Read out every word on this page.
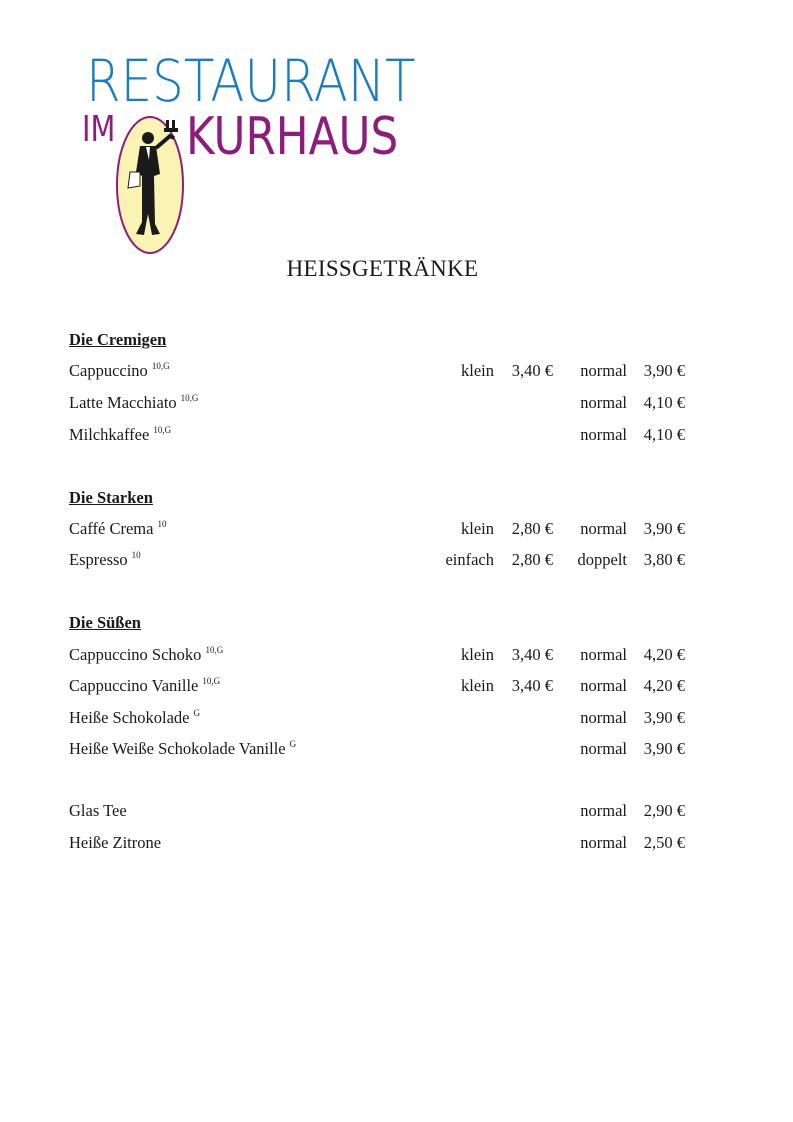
RESTAURANT
IM KURHAUS
HEISSGETRÄNKE
Die Cremigen
Cappuccino $^{10,G}$	klein 3,40 € normal 3,90 €
Latte Macchiato $^{10,G}$	normal 4,10 €
Milchkaffee $^{10,G}$	normal 4,10 €
Die Starken
Caffé Crema $^{10}$	klein 2,80 € normal 3,90 €
Espresso $^{10}$	einfach 2,80 € doppelt 3,80 €
Die Süßen
Cappuccino Schoko $^{10,G}$	klein 3,40 € normal 4,20 €
Cappuccino Vanille $^{10,G}$	klein 3,40 € normal 4,20 €
Heiße Schokolade $^G$	normal 3,90 €
Heiße Weiße Schokolade Vanille $^G$	normal 3,90 €
Glas Tee	normal 2,90 €
Heiße Zitrone	normal 2,50 €
